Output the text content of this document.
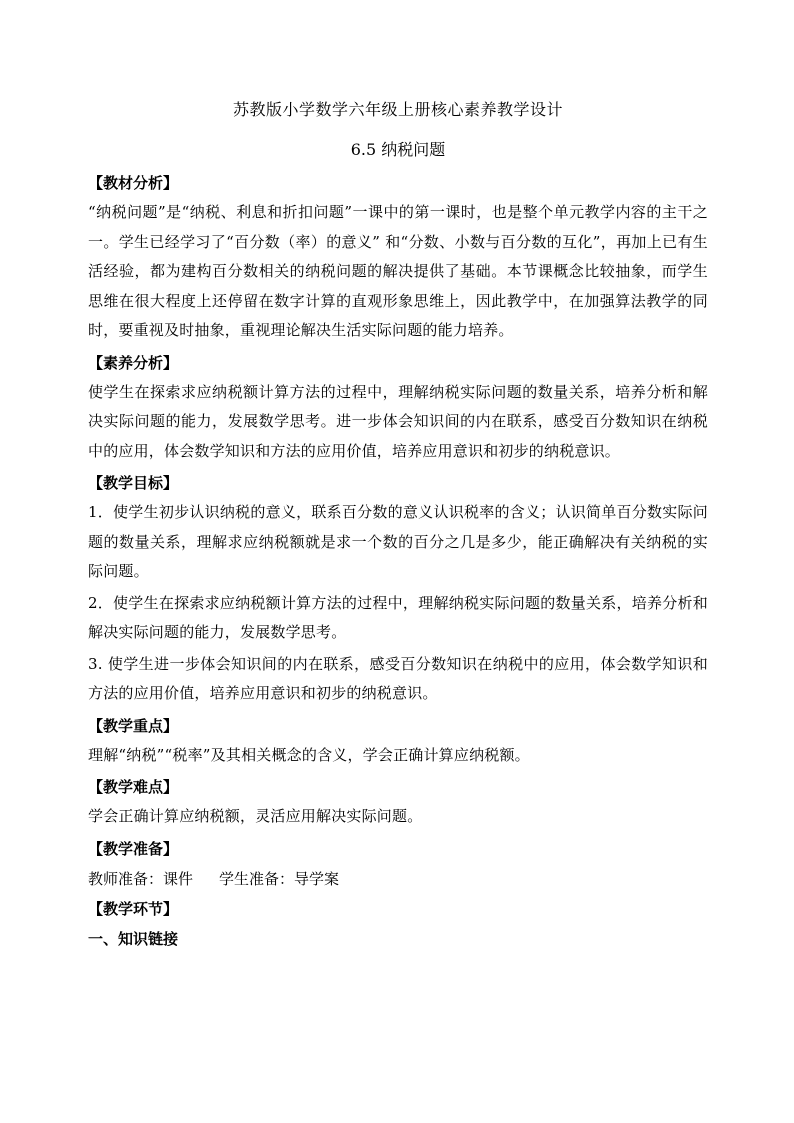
苏教版小学数学六年级上册核心素养教学设计

6.5 纳税问题

【教材分析】

“纳税问题”是“纳税、利息和折扣问题”一课中的第一课时，也是整个单元教学内容的主干之一。学生已经学习了“百分数（率）的意义” 和“分数、小数与百分数的互化”，再加上已有生活经验，都为建构百分数相关的纳税问题的解决提供了基础。本节课概念比较抽象，而学生思维在很大程度上还停留在数字计算的直观形象思维上，因此教学中，在加强算法教学的同时，要重视及时抽象，重视理论解决生活实际问题的能力培养。

【素养分析】

使学生在探索求应纳税额计算方法的过程中，理解纳税实际问题的数量关系，培养分析和解决实际问题的能力，发展数学思考。进一步体会知识间的内在联系，感受百分数知识在纳税中的应用，体会数学知识和方法的应用价值，培养应用意识和初步的纳税意识。

【教学目标】

1．使学生初步认识纳税的意义，联系百分数的意义认识税率的含义；认识简单百分数实际问题的数量关系，理解求应纳税额就是求一个数的百分之几是多少，能正确解决有关纳税的实际问题。

2．使学生在探索求应纳税额计算方法的过程中，理解纳税实际问题的数量关系，培养分析和解决实际问题的能力，发展数学思考。

3. 使学生进一步体会知识间的内在联系，感受百分数知识在纳税中的应用，体会数学知识和方法的应用价值，培养应用意识和初步的纳税意识。

【教学重点】

理解“纳税”“税率”及其相关概念的含义，学会正确计算应纳税额。

【教学难点】

学会正确计算应纳税额，灵活应用解决实际问题。

【教学准备】

教师准备：课件 学生准备：导学案

【教学环节】

一、知识链接
